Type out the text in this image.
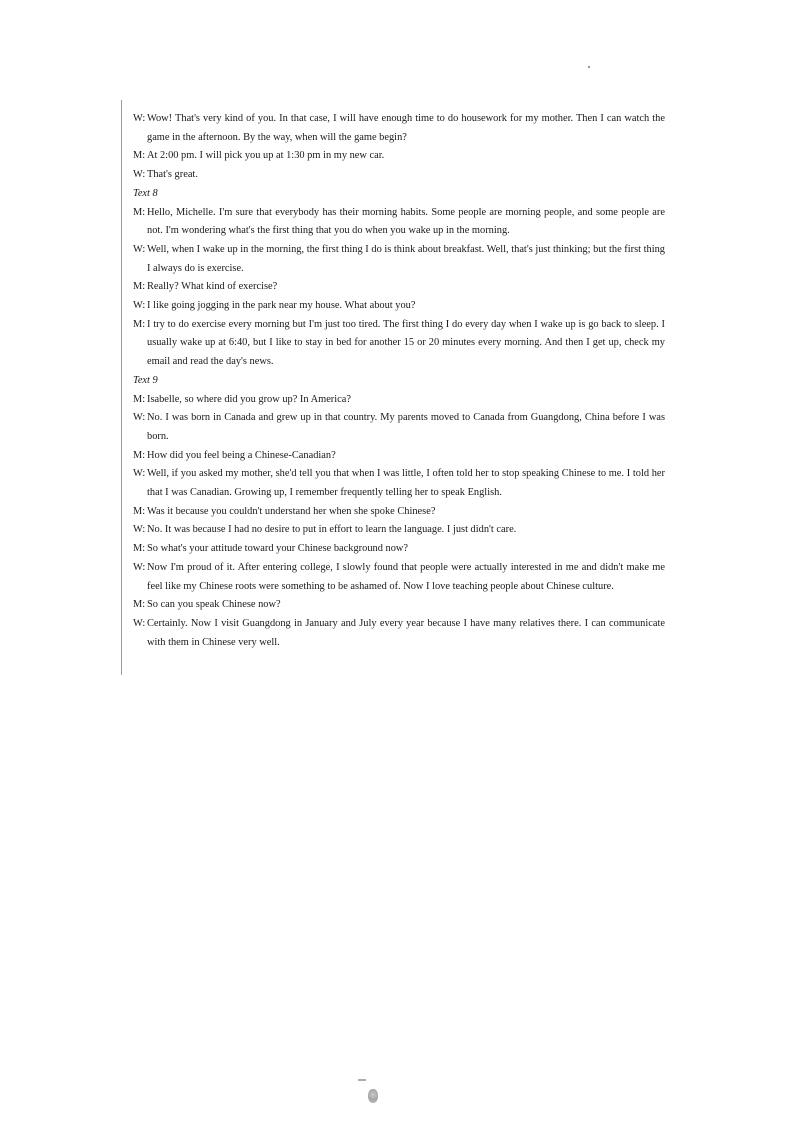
W: Wow! That's very kind of you. In that case, I will have enough time to do housework for my mother. Then I can watch the game in the afternoon. By the way, when will the game begin?

M: At 2:00 pm. I will pick you up at 1:30 pm in my new car.

W: That's great.

Text 8

M: Hello, Michelle. I'm sure that everybody has their morning habits. Some people are morning people, and some people are not. I'm wondering what's the first thing that you do when you wake up in the morning.

W: Well, when I wake up in the morning, the first thing I do is think about breakfast. Well, that's just thinking; but the first thing I always do is exercise.

M: Really? What kind of exercise?

W: I like going jogging in the park near my house. What about you?

M: I try to do exercise every morning but I'm just too tired. The first thing I do every day when I wake up is go back to sleep. I usually wake up at 6:40, but I like to stay in bed for another 15 or 20 minutes every morning. And then I get up, check my email and read the day's news.

Text 9

M: Isabelle, so where did you grow up? In America?

W: No. I was born in Canada and grew up in that country. My parents moved to Canada from Guangdong, China before I was born.

M: How did you feel being a Chinese-Canadian?

W: Well, if you asked my mother, she'd tell you that when I was little, I often told her to stop speaking Chinese to me. I told her that I was Canadian. Growing up, I remember frequently telling her to speak English.

M: Was it because you couldn't understand her when she spoke Chinese?

W: No. It was because I had no desire to put in effort to learn the language. I just didn't care.

M: So what's your attitude toward your Chinese background now?

W: Now I'm proud of it. After entering college, I slowly found that people were actually interested in me and didn't make me feel like my Chinese roots were something to be ashamed of. Now I love teaching people about Chinese culture.

M: So can you speak Chinese now?

W: Certainly. Now I visit Guangdong in January and July every year because I have many relatives there. I can communicate with them in Chinese very well.
